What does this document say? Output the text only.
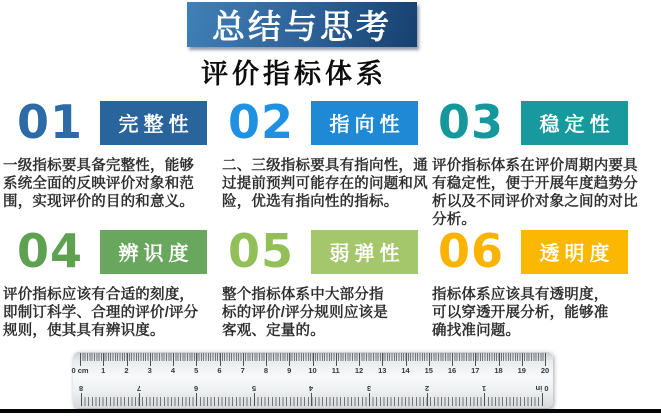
总结与思考
评价指标体系
01 完整性
一级指标要具备完整性，能够系统全面的反映评价对象和范围，实现评价的目的和意义。
02 指向性
二、三级指标要具有指向性，通过提前预判可能存在的问题和风险，优选有指向性的指标。
03 稳定性
评价指标体系在评价周期内要具有稳定性，便于开展年度趋势分析以及不同评价对象之间的对比分析。
04 辨识度
评价指标应该有合适的刻度，即制订科学、合理的评价/评分规则，使其具有辨识度。
05 弱弹性
整个指标体系中大部分指标的评价/评分规则应该是客观、定量的。
06 透明度
指标体系应该具有透明度，可以穿透开展分析，能够准确找准问题。
0 cm 1	2	3	4	5	6	7	8	9 10 11 12 13 14 15 16 17 18 19 20
8	7	6	5	4	3	2	1	0 in
